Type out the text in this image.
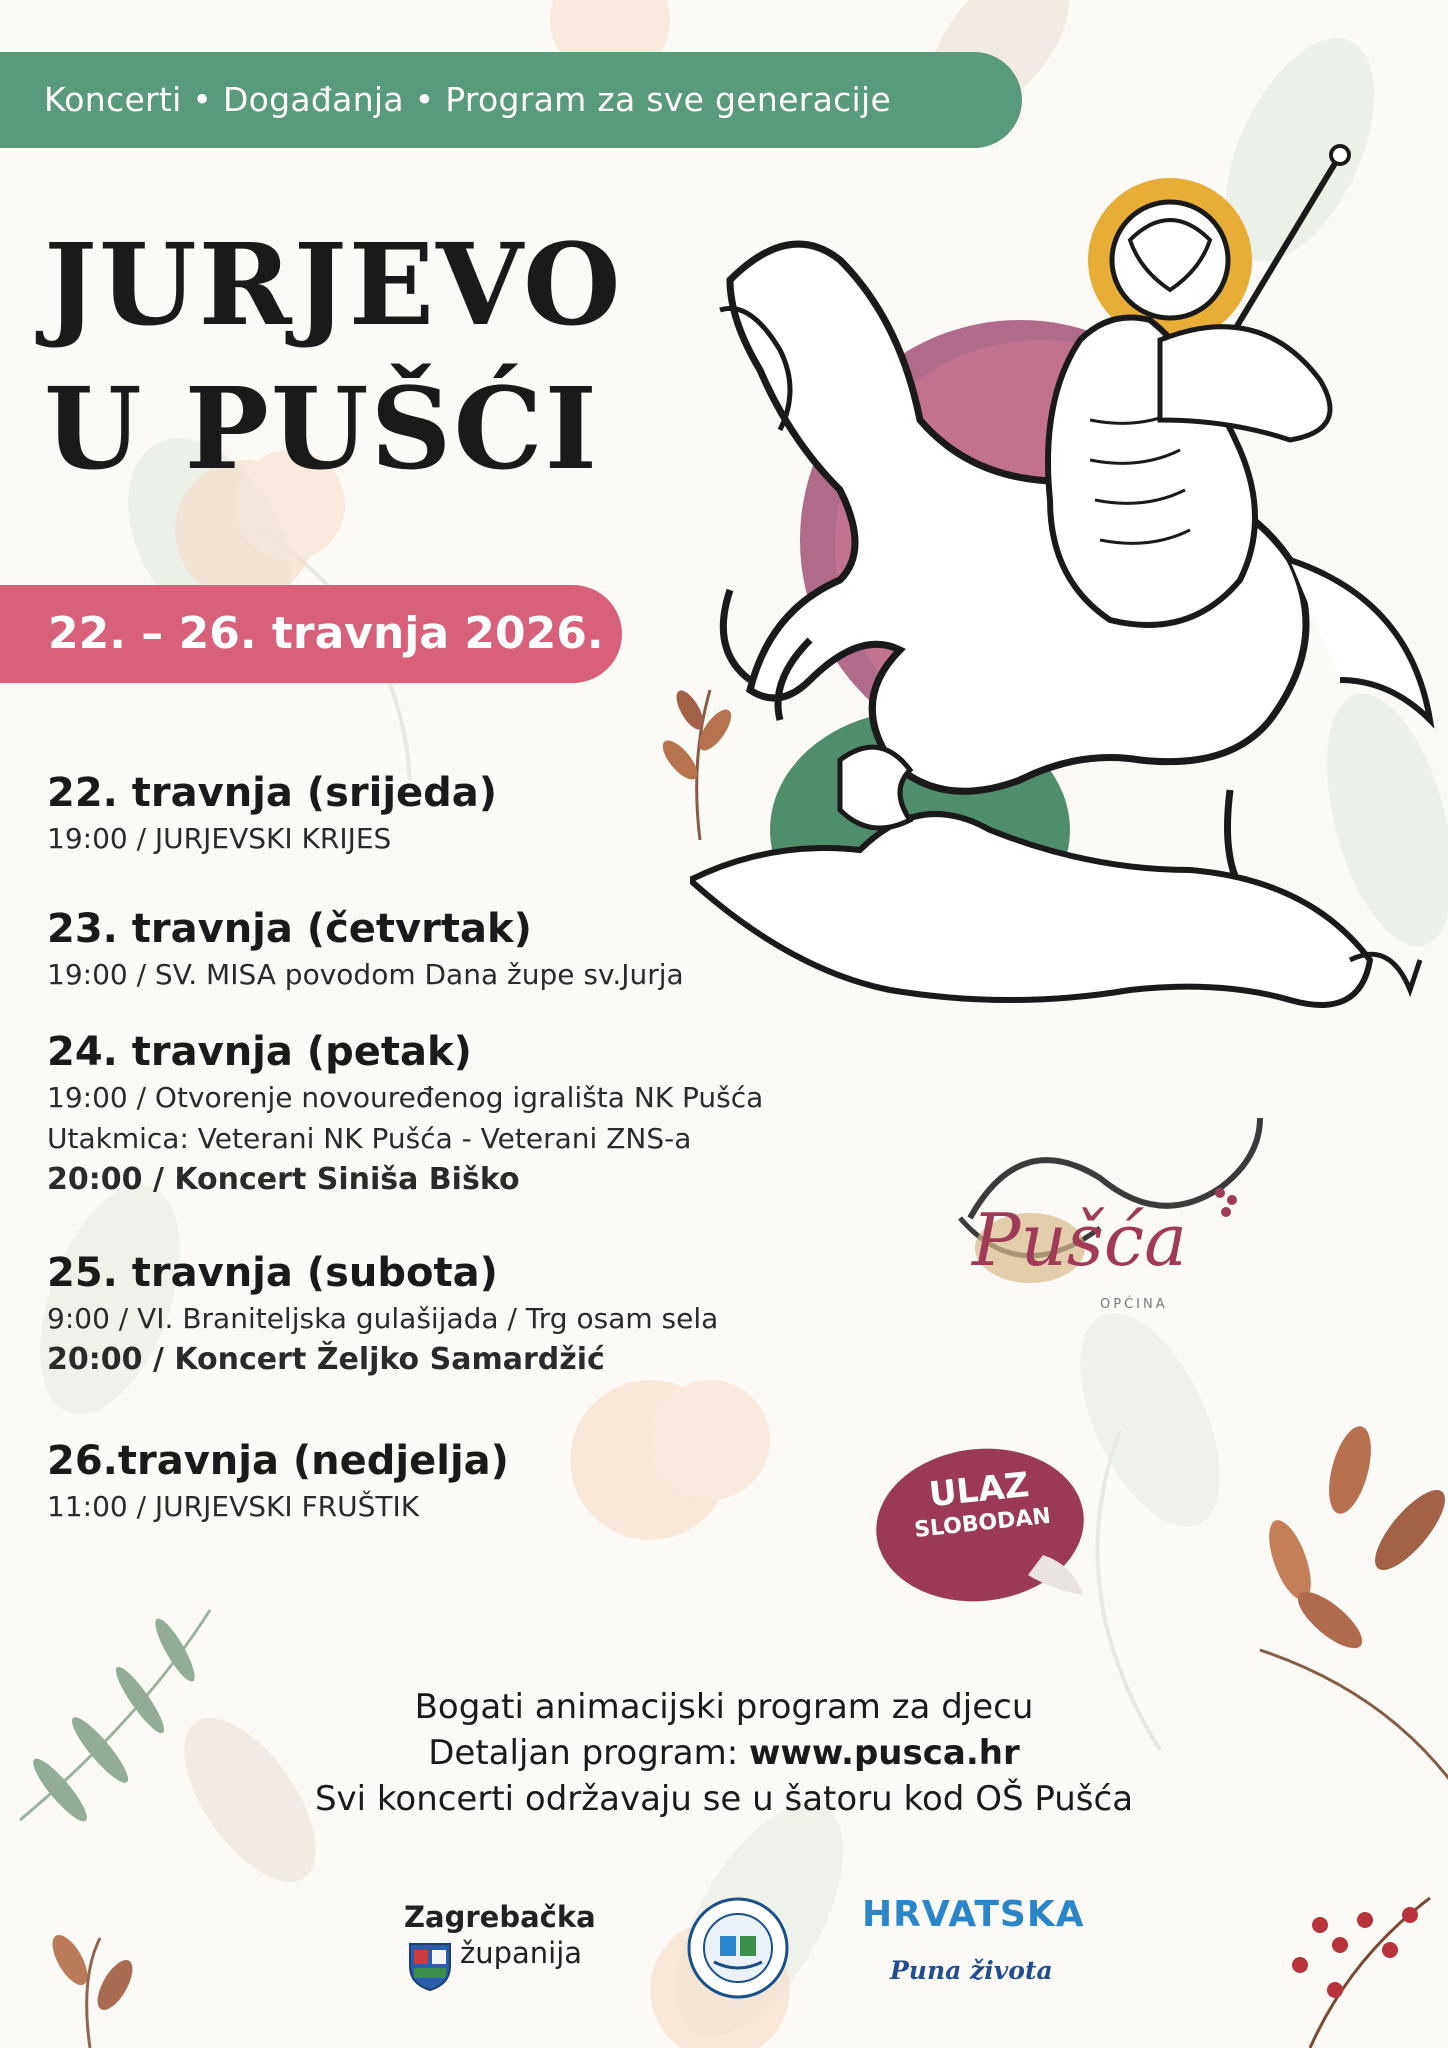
Koncerti • Događanja • Program za sve generacije
JURJEVO
U PUŠĆI
22. – 26. travnja 2026.
22. travnja (srijeda)
19:00 / JURJEVSKI KRIJES
23. travnja (četvrtak)
19:00 / SV. MISA povodom Dana župe sv.Jurja
24. travnja (petak)
19:00 / Otvorenje novouređenog igrališta NK Pušća
Utakmica: Veterani NK Pušća - Veterani ZNS-a
20:00 / Koncert Siniša Biško
25. travnja (subota)
9:00 / VI. Braniteljska gulašijada / Trg osam sela
20:00 / Koncert Željko Samardžić
26.travnja (nedjelja)
11:00 / JURJEVSKI FRUŠTIK
Pušća
OPĆINA
ULAZ
SLOBODAN
Bogati animacijski program za djecu
Detaljan program: www.pusca.hr
Svi koncerti održavaju se u šatoru kod OŠ Pušća
Zagrebačka
županija
HRVATSKA
Puna života
